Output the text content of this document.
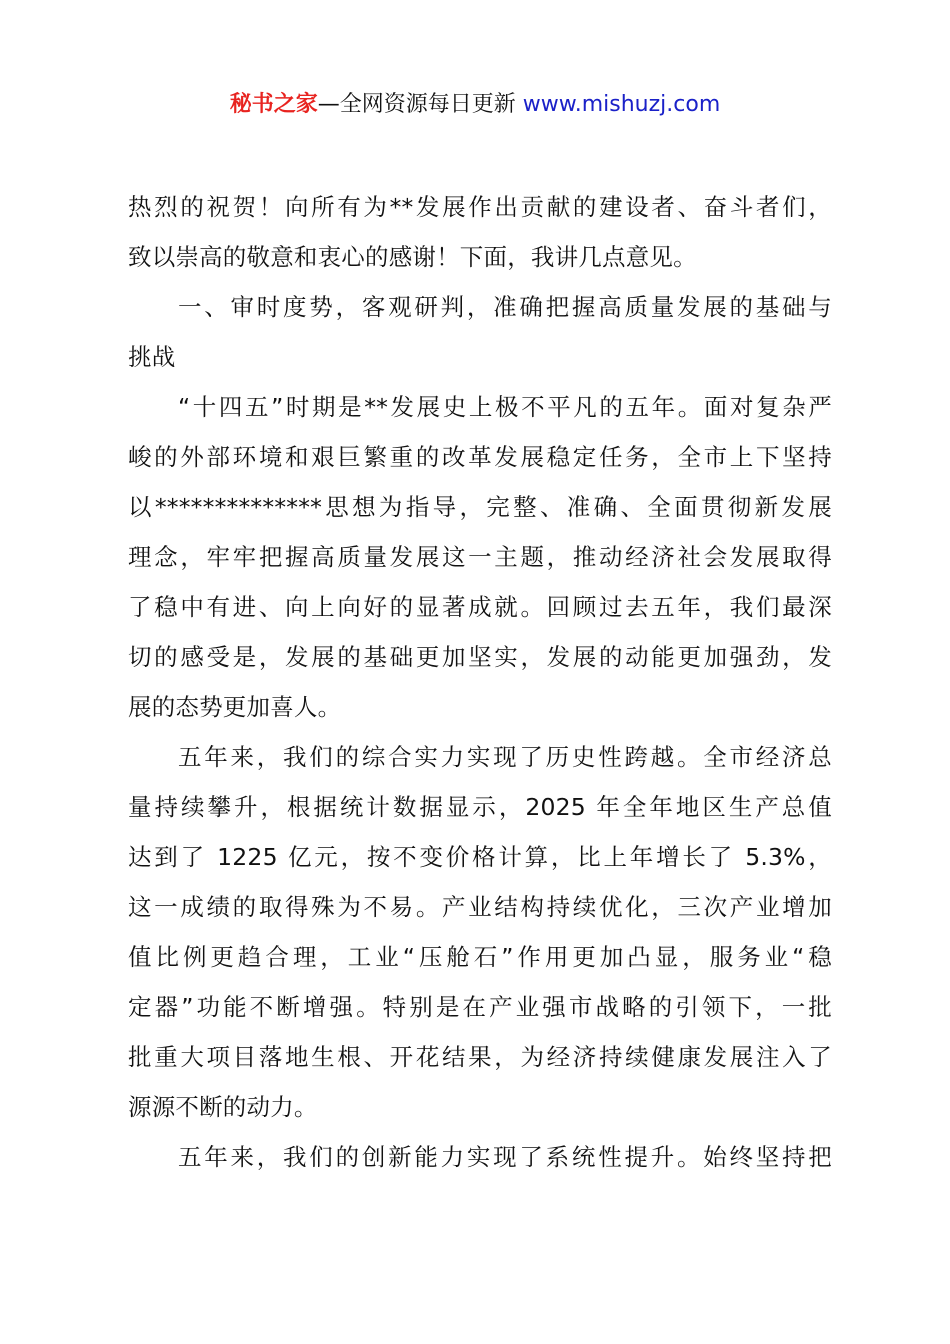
秘书之家—全网资源每日更新 www.mishuzj.com
热烈的祝贺！向所有为**发展作出贡献的建设者、奋斗者们，
致以崇高的敬意和衷心的感谢！下面，我讲几点意见。
一、审时度势，客观研判，准确把握高质量发展的基础与
挑战
“十四五”时期是**发展史上极不平凡的五年。面对复杂严
峻的外部环境和艰巨繁重的改革发展稳定任务，全市上下坚持
以**************思想为指导，完整、准确、全面贯彻新发展
理念，牢牢把握高质量发展这一主题，推动经济社会发展取得
了稳中有进、向上向好的显著成就。回顾过去五年，我们最深
切的感受是，发展的基础更加坚实，发展的动能更加强劲，发
展的态势更加喜人。
五年来，我们的综合实力实现了历史性跨越。全市经济总
量持续攀升，根据统计数据显示，2025 年全年地区生产总值
达到了 1225 亿元，按不变价格计算，比上年增长了 5.3%，
这一成绩的取得殊为不易。产业结构持续优化，三次产业增加
值比例更趋合理，工业“压舱石”作用更加凸显，服务业“稳
定器”功能不断增强。特别是在产业强市战略的引领下，一批
批重大项目落地生根、开花结果，为经济持续健康发展注入了
源源不断的动力。
五年来，我们的创新能力实现了系统性提升。始终坚持把
